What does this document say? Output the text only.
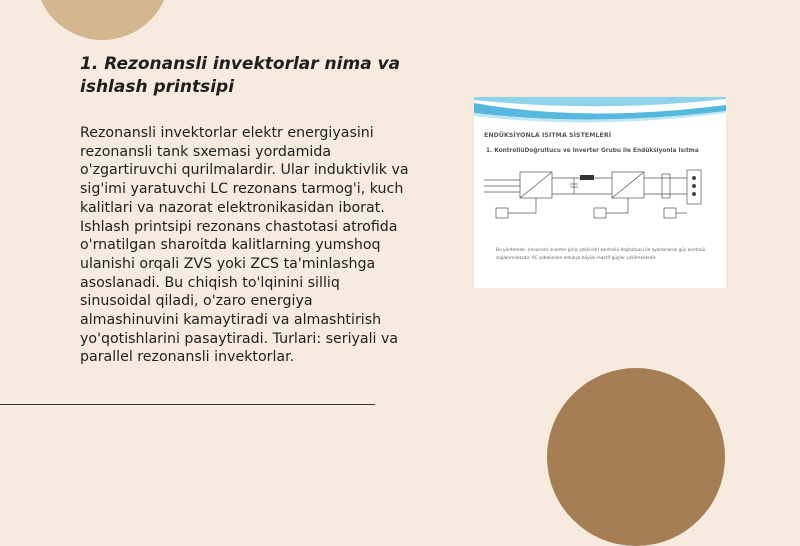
1. Rezonansli invektorlar nima va ishlash printsipi

Rezonansli invektorlar elektr energiyasini rezonansli tank sxemasi yordamida o'zgartiruvchi qurilmalardir. Ular induktivlik va sig'imi yaratuvchi LC rezonans tarmog'i, kuch kalitlari va nazorat elektronikasidan iborat. Ishlash printsipi rezonans chastotasi atrofida o'rnatilgan sharoitda kalitlarning yumshoq ulanishi orqali ZVS yoki ZCS ta'minlashga asoslanadi. Bu chiqish to'lqinini silliq sinusoidal qiladi, o'zaro energiya almashinuvini kamaytiradi va almashtirish yo'qotishlarini pasaytiradi. Turlari: seriyali va parallel rezonansli invektorlar.

ENDÜKSİYONLA ISITMA SİSTEMLERİ
1. KontrollüDoğrultucu ve Inverter Grubu ile Endüksiyonla Isıtma
Bu yöntemde, (resonant inverter girişi şeklinde) kontrollü doğrultucu ile ayarlanarak güç kontrolü sağlanmaktadır. AC şebekeden oldukça büyük reaktif güçler çekilmektedir.
